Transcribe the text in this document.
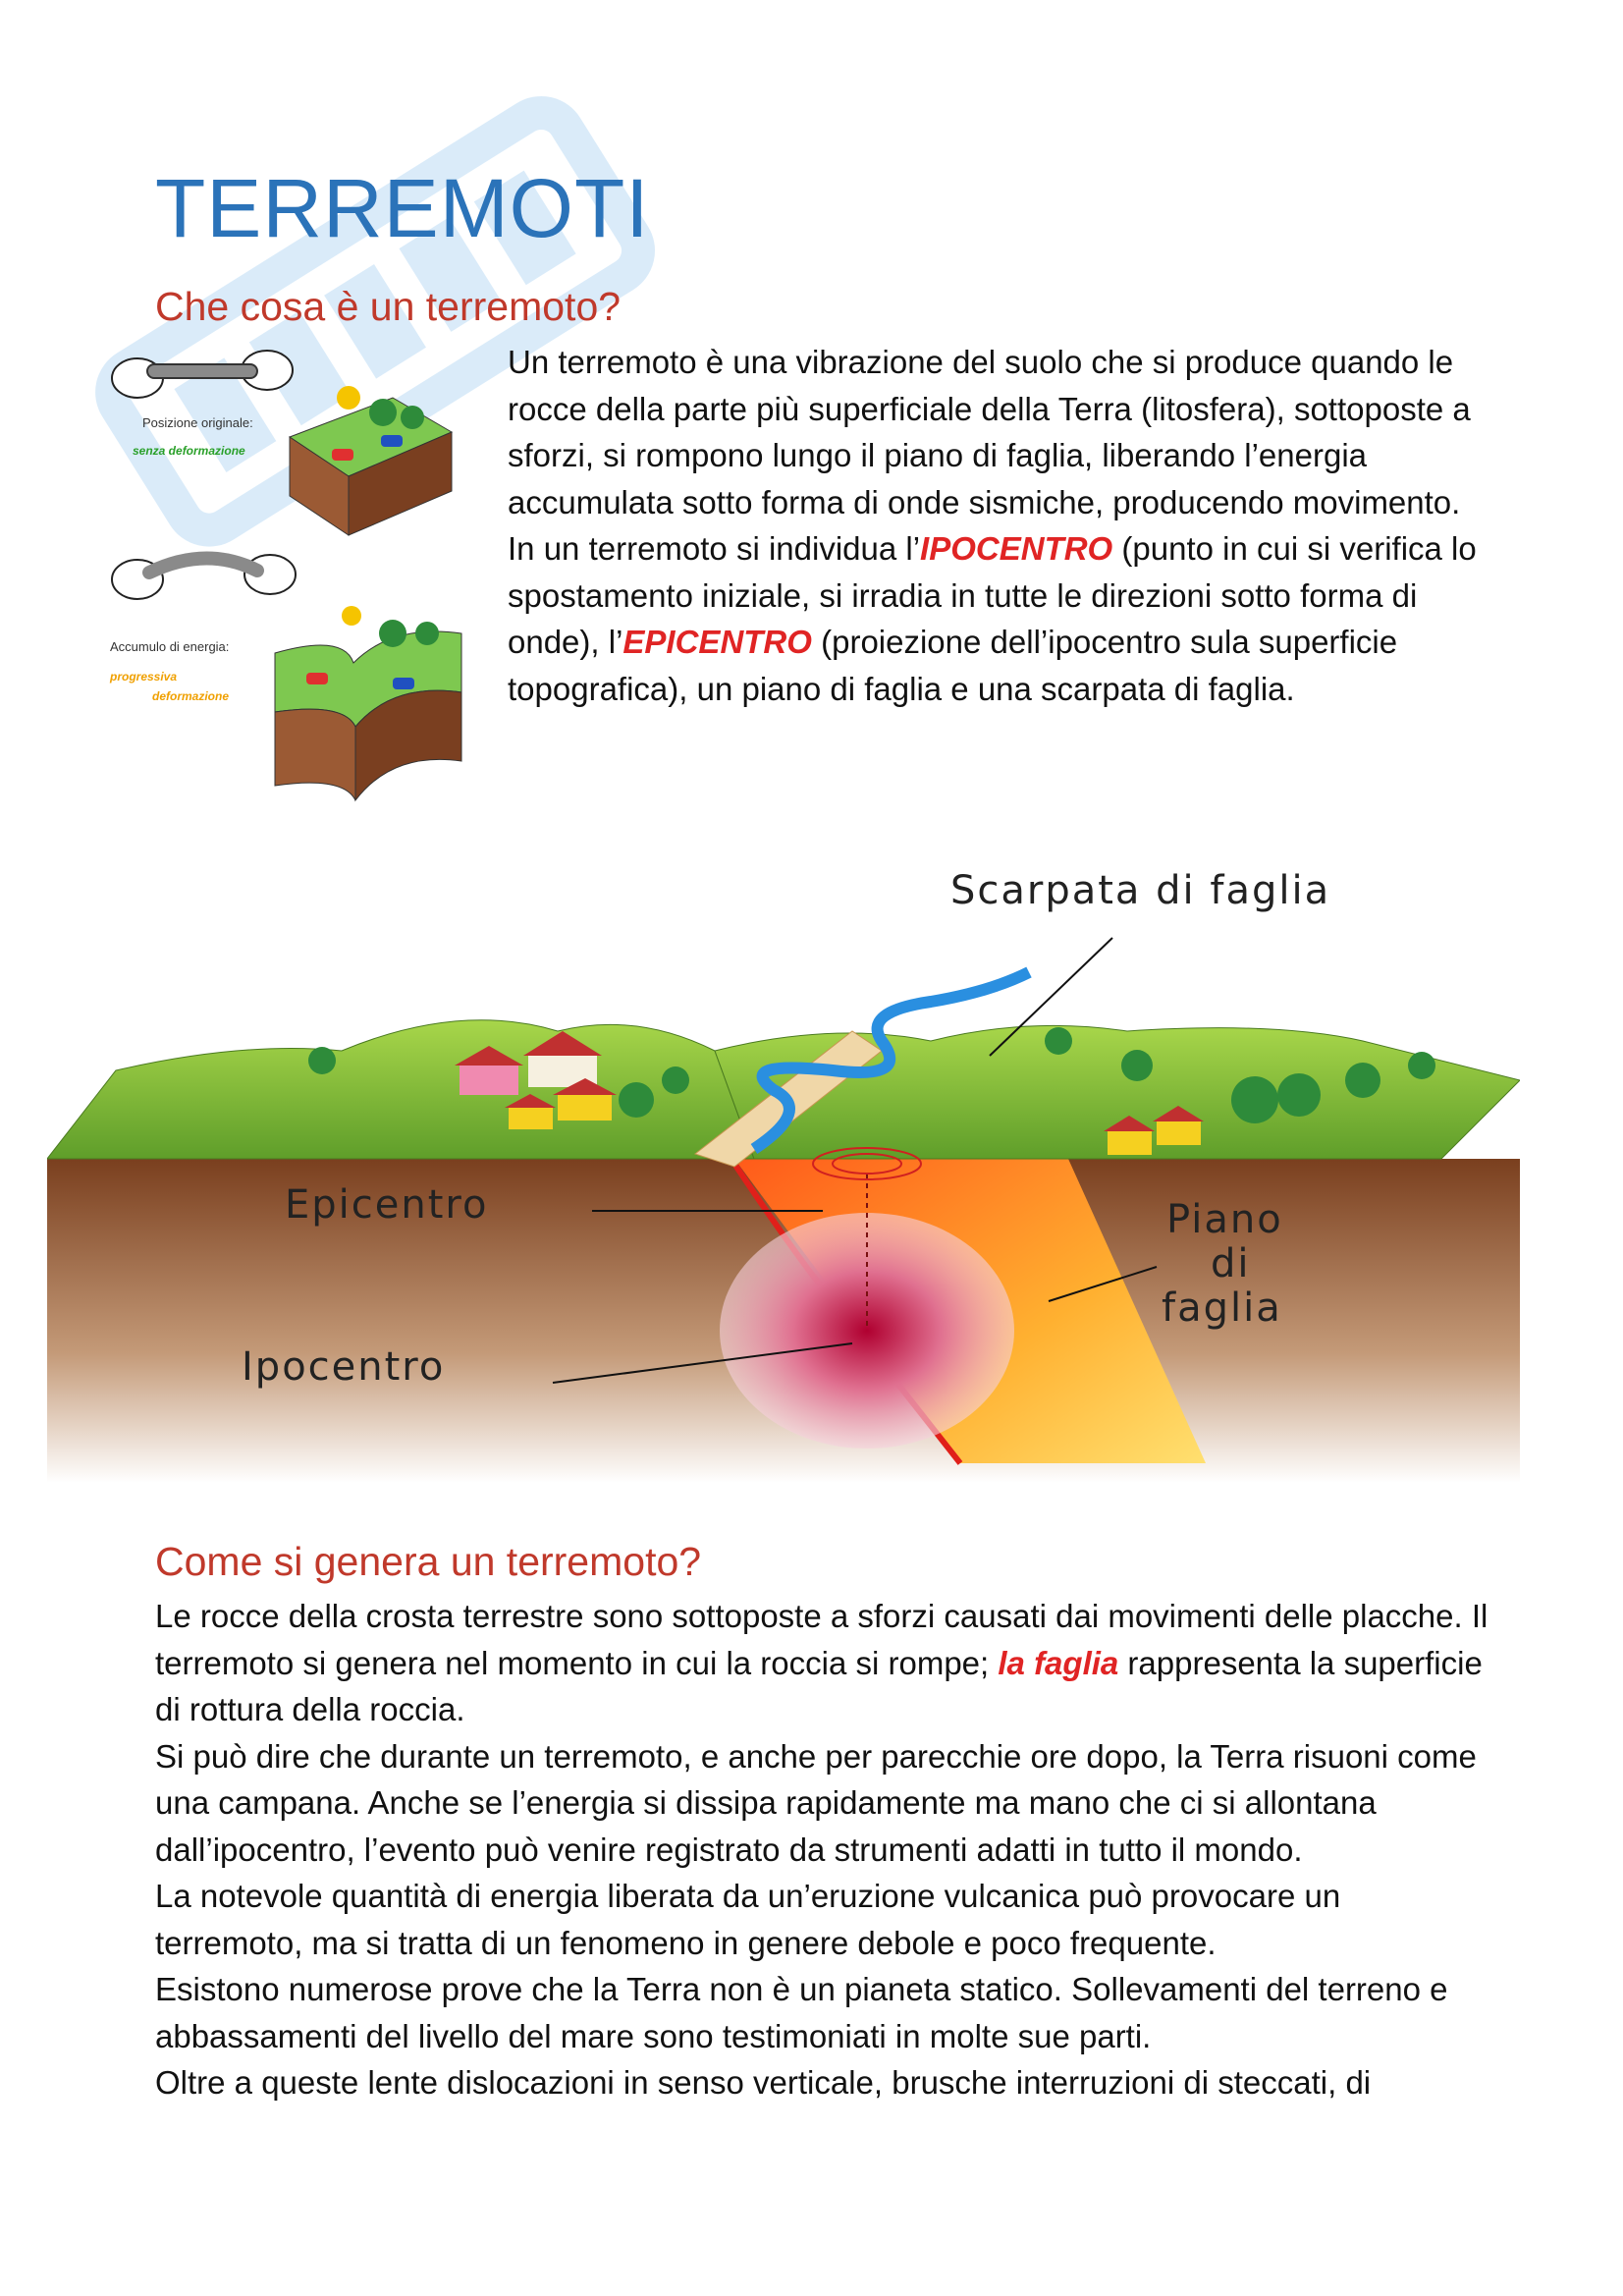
TERREMOTI
Che cosa è un terremoto?
Posizione originale:
senza deformazione
Accumulo di energia:
progressiva
deformazione

Un terremoto è una vibrazione del suolo che si produce quando le rocce della parte più superficiale della Terra (litosfera), sottoposte a sforzi, si rompono lungo il piano di faglia, liberando l’energia accumulata sotto forma di onde sismiche, producendo movimento.

In un terremoto si individua l’IPOCENTRO (punto in cui si verifica lo spostamento iniziale, si irradia in tutte le direzioni sotto forma di onde), l’EPICENTRO (proiezione dell’ipocentro sula superficie topografica), un piano di faglia e una scarpata di faglia.

Scarpata di faglia
Epicentro
Ipocentro
Piano
di
faglia
Come si genera un terremoto?

Le rocce della crosta terrestre sono sottoposte a sforzi causati dai movimenti delle placche. Il terremoto si genera nel momento in cui la roccia si rompe; la faglia rappresenta la superficie di rottura della roccia.

Si può dire che durante un terremoto, e anche per parecchie ore dopo, la Terra risuoni come una campana. Anche se l’energia si dissipa rapidamente ma mano che ci si allontana dall’ipocentro, l’evento può venire registrato da strumenti adatti in tutto il mondo.

La notevole quantità di energia liberata da un’eruzione vulcanica può provocare un terremoto, ma si tratta di un fenomeno in genere debole e poco frequente.

Esistono numerose prove che la Terra non è un pianeta statico. Sollevamenti del terreno e abbassamenti del livello del mare sono testimoniati in molte sue parti.

Oltre a queste lente dislocazioni in senso verticale, brusche interruzioni di steccati, di
